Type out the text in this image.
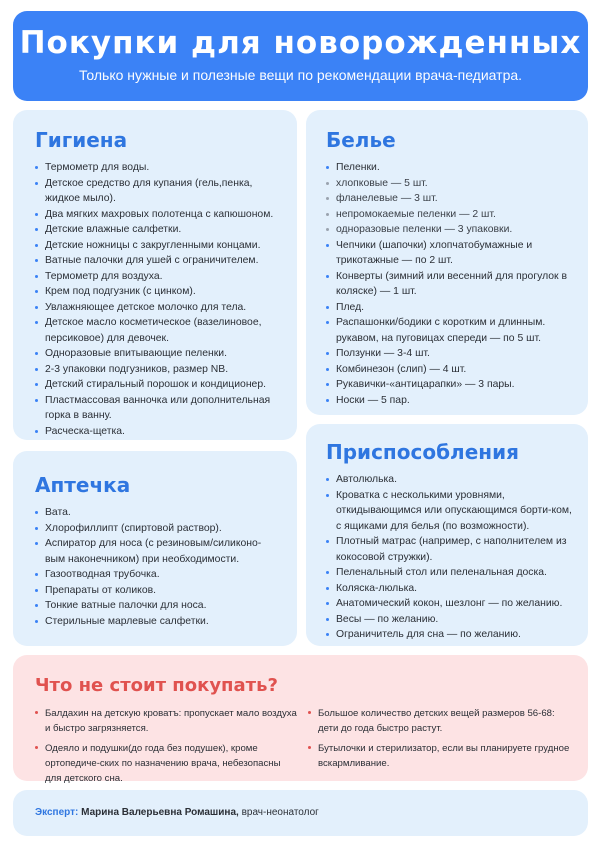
Покупки для новорожденных

Только нужные и полезные вещи по рекомендации врача-педиатра.

Гигиена
Термометр для воды.
Детское средство для купания (гель,пенка, жидкое мыло).
Два мягких махровых полотенца с капюшоном.
Детские влажные салфетки.
Детские ножницы с закругленными концами.
Ватные палочки для ушей с ограничителем.
Термометр для воздуха.
Крем под подгузник (с цинком).
Увлажняющее детское молочко для тела.
Детское масло косметическое (вазелиновое, персиковое) для девочек.
Одноразовые впитывающие пеленки.
2-3 упаковки подгузников, размер NB.
Детский стиральный порошок и кондиционер.
Пластмассовая ванночка или дополнительная горка в ванну.
Расческа-щетка.
Белье
Пеленки.
хлопковые — 5 шт.
фланелевые — 3 шт.
непромокаемые пеленки — 2 шт.
одноразовые пеленки — 3 упаковки.
Чепчики (шапочки) хлопчатобумажные и трикотажные — по 2 шт.
Конверты (зимний или весенний для прогулок в коляске) — 1 шт.
Плед.
Распашонки/бодики с коротким и длинным. рукавом, на пуговицах спереди — по 5 шт.
Ползунки — 3-4 шт.
Комбинезон (слип) — 4 шт.
Рукавички-«антицарапки» — 3 пары.
Носки — 5 пар.
Аптечка
Вата.
Хлорофиллипт (спиртовой раствор).
Аспиратор для носа (с резиновым/силиконо-вым наконечником) при необходимости.
Газоотводная трубочка.
Препараты от коликов.
Тонкие ватные палочки для носа.
Стерильные марлевые салфетки.
Приспособления
Автолюлька.
Кроватка с несколькими уровнями, откидывающимся или опускающимся борти-ком, с ящиками для белья (по возможности).
Плотный матрас (например, с наполнителем из кокосовой стружки).
Пеленальный стол или пеленальная доска.
Коляска-люлька.
Анатомический кокон, шезлонг — по желанию.
Весы — по желанию.
Ограничитель для сна — по желанию.
Что не стоит покупать?
Балдахин на детскую кроватъ: пропускает мало воздуха и быстро загрязняется.
Одеяло и подушки(до года без подушек), кроме ортопедиче-ских по назначению врача, небезопасны для детского сна.
Большое количество детских вещей размеров 56-68: дети до года быстро растут.
Бутылочки и стерилизатор, если вы планируете грудное вскармливание.
Эксперт: Марина Валерьевна Ромашина, врач-неонатолог
